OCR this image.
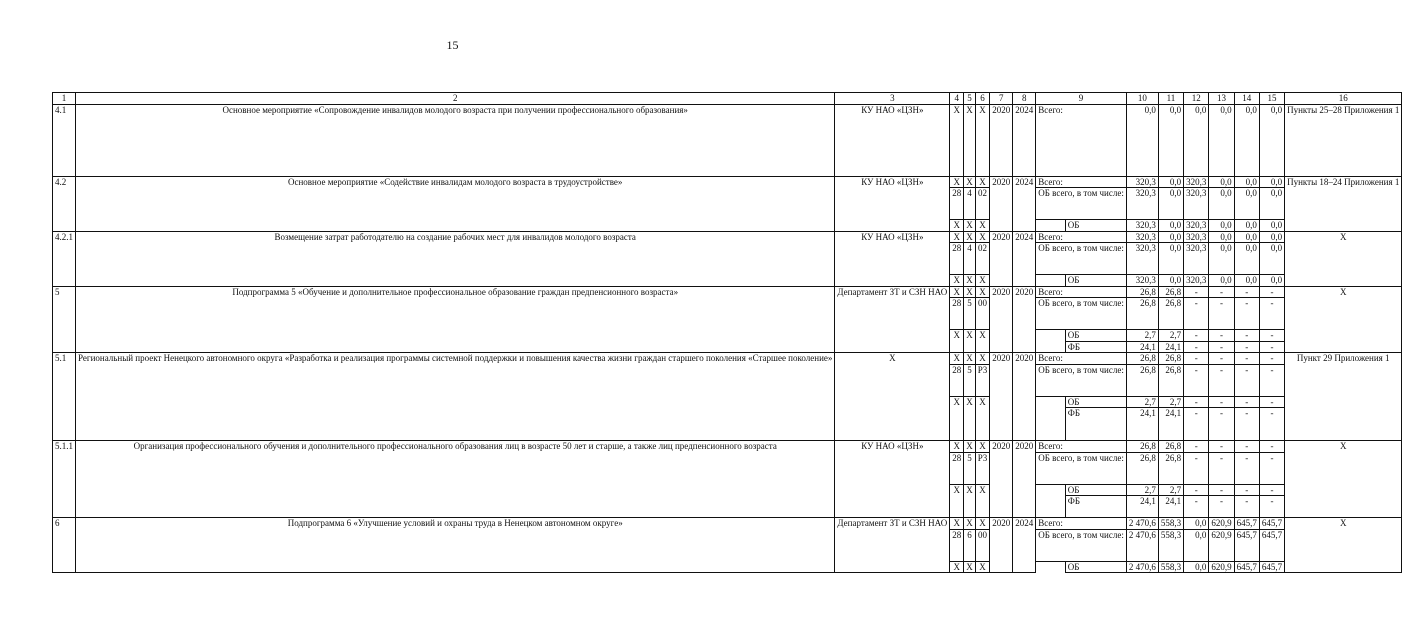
15
1	2	3	4	5	6	7	8	9		10	11	12	13	14	15	16
4.1	Основное мероприятие «Сопровождение инвалидов молодого возраста при получении профессионального образования»	КУ НАО «ЦЗН»	X	X	X	2020	2024	Всего:		0,0	0,0	0,0	0,0	0,0	0,0	Пункты 25–28 Приложения 1
4.2	Основное мероприятие «Содействие инвалидам молодого возраста в трудоустройстве»	КУ НАО «ЦЗН»	X	X	X	2020	2024	Всего:		320,3	0,0	320,3	0,0	0,0	0,0	Пункты 18–24 Приложения 1
			28	4	02			ОБ всего, в том числе:		320,3	0,0	320,3	0,0	0,0	0,0	
			X	X	X				ОБ	320,3	0,0	320,3	0,0	0,0	0,0	
4.2.1	Возмещение затрат работодателю на создание рабочих мест для инвалидов молодого возраста	КУ НАО «ЦЗН»	X	X	X	2020	2024	Всего:		320,3	0,0	320,3	0,0	0,0	0,0	X
			28	4	02			ОБ всего, в том числе:		320,3	0,0	320,3	0,0	0,0	0,0	
			X	X	X				ОБ	320,3	0,0	320,3	0,0	0,0	0,0	
5	Подпрограмма 5 «Обучение и дополнительное профессиональное образование граждан предпенсионного возраста»	Департамент ЗТ и СЗН НАО	X	X	X	2020	2020	Всего:		26,8	26,8	-	-	-	-	X
			28	5	00			ОБ всего, в том числе:		26,8	26,8	-	-	-	-	
			X	X	X				ОБ	2,7	2,7	-	-	-	-	
									ФБ	24,1	24,1	-	-	-	-	
5.1	Региональный проект Ненецкого автономного округа «Разработка и реализация программы системной поддержки и повышения качества жизни граждан старшего поколения «Старшее поколение»	X	X	X	X	2020	2020	Всего:		26,8	26,8	-	-	-	-	Пункт 29 Приложения 1
			28	5	P3			ОБ всего, в том числе:		26,8	26,8	-	-	-	-	
			X	X	X				ОБ	2,7	2,7	-	-	-	-	
									ФБ	24,1	24,1	-	-	-	-	
5.1.1	Организация профессионального обучения и дополнительного профессионального образования лиц в возрасте 50 лет и старше, а также лиц предпенсионного возраста	КУ НАО «ЦЗН»	X	X	X	2020	2020	Всего:		26,8	26,8	-	-	-	-	X
			28	5	P3			ОБ всего, в том числе:		26,8	26,8	-	-	-	-	
			X	X	X				ОБ	2,7	2,7	-	-	-	-	
									ФБ	24,1	24,1	-	-	-	-	
6	Подпрограмма 6 «Улучшение условий и охраны труда в Ненецком автономном округе»	Департамент ЗТ и СЗН НАО	X	X	X	2020	2024	Всего:		2 470,6	558,3	0,0	620,9	645,7	645,7	X
			28	6	00			ОБ всего, в том числе:		2 470,6	558,3	0,0	620,9	645,7	645,7	
			X	X	X				ОБ	2 470,6	558,3	0,0	620,9	645,7	645,7	
